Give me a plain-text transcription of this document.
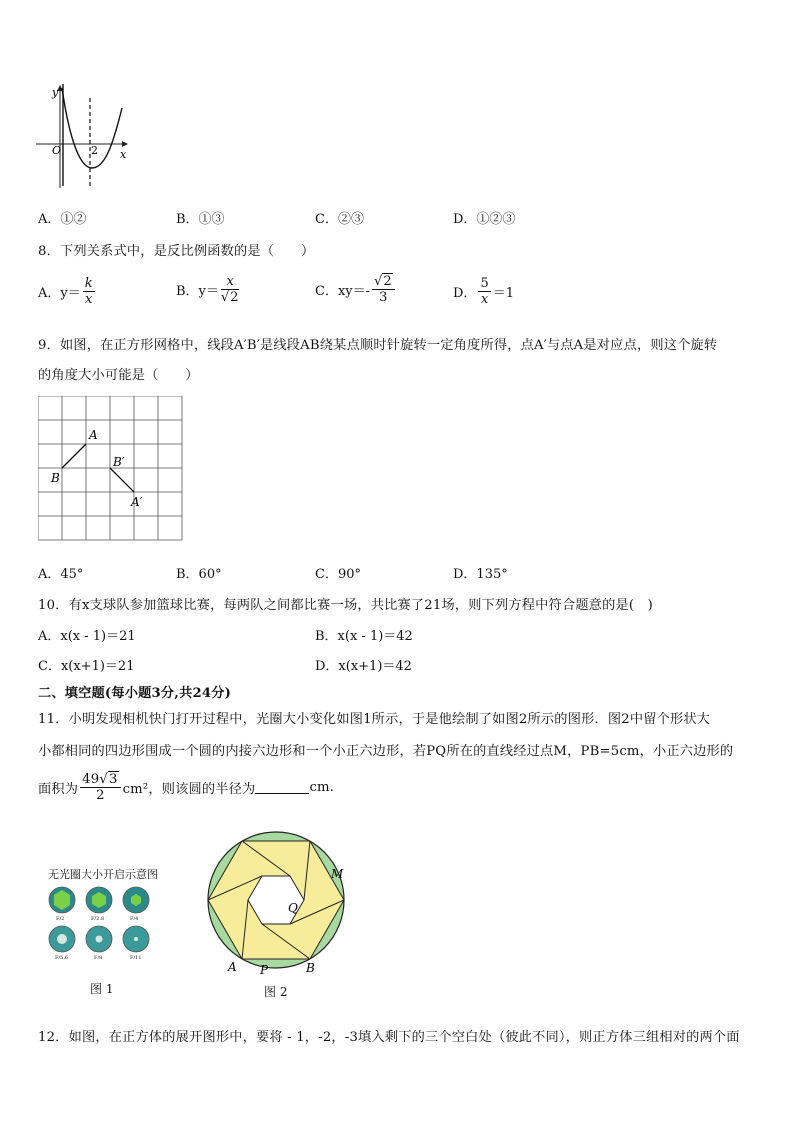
y
x
O	2
A．①②	B．①③	C．②③	D．①②③
8．下列关系式中，是反比例函数的是（　　）
A．$y= \frac{k}{x}$	B．$y= \frac{x}{√2}$	C．$xy=- \frac{√2}{3}$	D． $\frac{5}{x} =1$
9．如图，在正方形网格中，线段A′B′是线段AB绕某点顺时针旋转一定角度所得，点A′与点A是对应点，则这个旋转
的角度大小可能是（　　）
A
B
B′
A′
A．45°	B．60°	C．90°	D．135°
10．有x支球队参加篮球比赛，每两队之间都比赛一场，共比赛了21场，则下列方程中符合题意的是(　)
A．x(x - 1)＝21	B．x(x - 1)＝42
C．x(x+1)＝21	D．x(x+1)＝42
二、填空题(每小题3分,共24分)
11．小明发现相机快门打开过程中，光圈大小变化如图1所示，于是他绘制了如图2所示的图形．图2中留个形状大
小都相同的四边形围成一个圆的内接六边形和一个小正六边形，若PQ所在的直线经过点M，PB=5cm，小正六边形的
面积为 $\frac{49√3}{2} cm^2$，则该圆的半径为	cm.
无光圈大小开启示意图
F/2	F/2.8	F/4
F/5.6	F/8	F/11
图 1
M
Q
A P	B
图 2
12．如图，在正方体的展开图形中，要将 - 1，-2，-3填入剩下的三个空白处（彼此不同），则正方体三组相对的两个面
